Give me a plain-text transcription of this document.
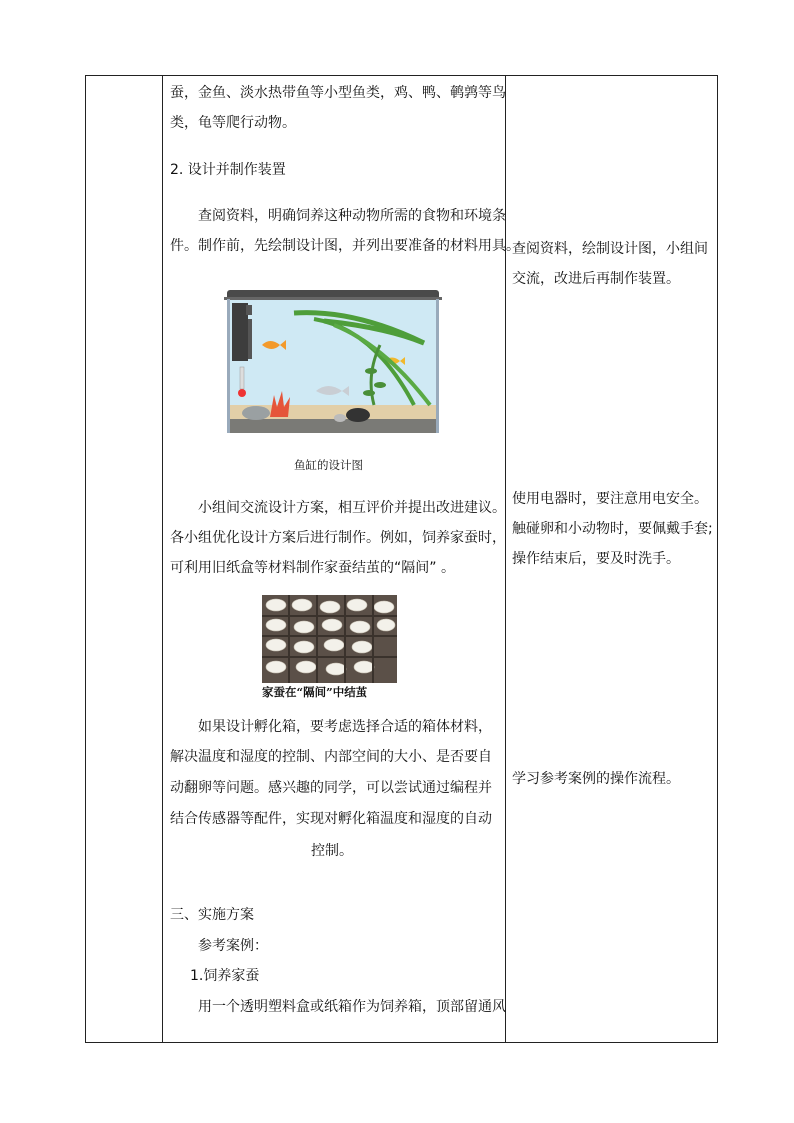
蚕，金鱼、淡水热带鱼等小型鱼类，鸡、鸭、鹌鹑等鸟
类，龟等爬行动物。
2. 设计并制作装置
查阅资料，明确饲养这种动物所需的食物和环境条
件。制作前，先绘制设计图，并列出要准备的材料用具。
鱼缸的设计图
小组间交流设计方案，相互评价并提出改进建议。
各小组优化设计方案后进行制作。例如，饲养家蚕时，
可利用旧纸盒等材料制作家蚕结茧的“隔间” 。
家蚕在“隔间”中结茧
如果设计孵化箱，要考虑选择合适的箱体材料，
解决温度和湿度的控制、内部空间的大小、是否要自
动翻卵等问题。感兴趣的同学，可以尝试通过编程并
结合传感器等配件，实现对孵化箱温度和湿度的自动
控制。
三、实施方案
参考案例：
1.饲养家蚕
用一个透明塑料盒或纸箱作为饲养箱，顶部留通风
查阅资料，绘制设计图，小组间
交流，改进后再制作装置。
使用电器时，要注意用电安全。
触碰卵和小动物时，要佩戴手套;
操作结束后，要及时洗手。
学习参考案例的操作流程。
